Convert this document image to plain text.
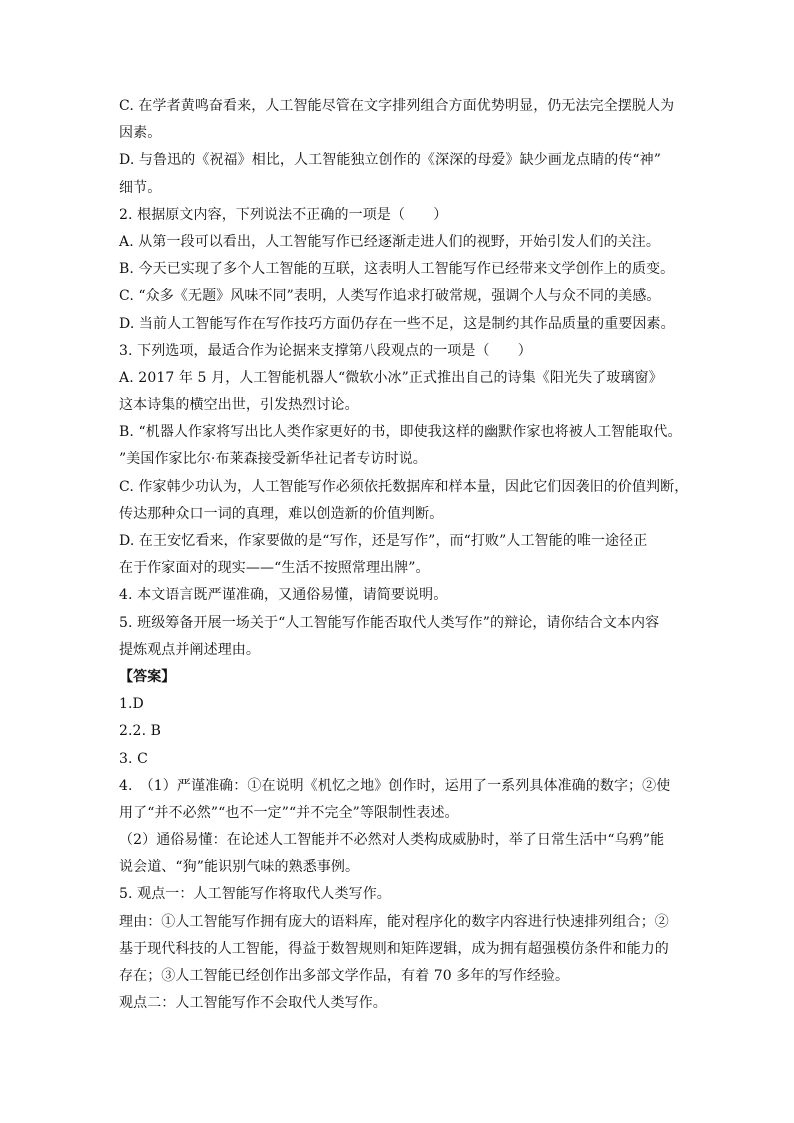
C. 在学者黄鸣奋看来，人工智能尽管在文字排列组合方面优势明显，仍无法完全摆脱人为
因素。
D. 与鲁迅的《祝福》相比，人工智能独立创作的《深深的母爱》缺少画龙点睛的传“神”
细节。
2. 根据原文内容，下列说法不正确的一项是（　　）
A. 从第一段可以看出，人工智能写作已经逐渐走进人们的视野，开始引发人们的关注。
B. 今天已实现了多个人工智能的互联，这表明人工智能写作已经带来文学创作上的质变。
C. “众多《无题》风味不同”表明，人类写作追求打破常规，强调个人与众不同的美感。
D. 当前人工智能写作在写作技巧方面仍存在一些不足，这是制约其作品质量的重要因素。
3. 下列选项，最适合作为论据来支撑第八段观点的一项是（　　）
A. 2017 年 5 月，人工智能机器人“微软小冰”正式推出自己的诗集《阳光失了玻璃窗》
这本诗集的横空出世，引发热烈讨论。
B. “机器人作家将写出比人类作家更好的书，即使我这样的幽默作家也将被人工智能取代。
”美国作家比尔·布莱森接受新华社记者专访时说。
C. 作家韩少功认为，人工智能写作必须依托数据库和样本量，因此它们因袭旧的价值判断，
传达那种众口一词的真理，难以创造新的价值判断。
D. 在王安忆看来，作家要做的是“写作，还是写作”，而“打败”人工智能的唯一途径正
在于作家面对的现实——“生活不按照常理出牌”。
4. 本文语言既严谨准确，又通俗易懂，请简要说明。
5. 班级筹备开展一场关于“人工智能写作能否取代人类写作”的辩论，请你结合文本内容
提炼观点并阐述理由。
【答案】
1.D
2.2. B
3. C
4.　（1）严谨准确：①在说明《机忆之地》创作时，运用了一系列具体准确的数字；②使
用了“并不必然”“也不一定”“并不完全”等限制性表述。
（2）通俗易懂：在论述人工智能并不必然对人类构成威胁时，举了日常生活中“乌鸦”能
说会道、“狗”能识别气味的熟悉事例。
5. 观点一：人工智能写作将取代人类写作。
理由：①人工智能写作拥有庞大的语料库，能对程序化的数字内容进行快速排列组合；②
基于现代科技的人工智能，得益于数智规则和矩阵逻辑，成为拥有超强模仿条件和能力的
存在；③人工智能已经创作出多部文学作品，有着 70 多年的写作经验。
观点二：人工智能写作不会取代人类写作。
